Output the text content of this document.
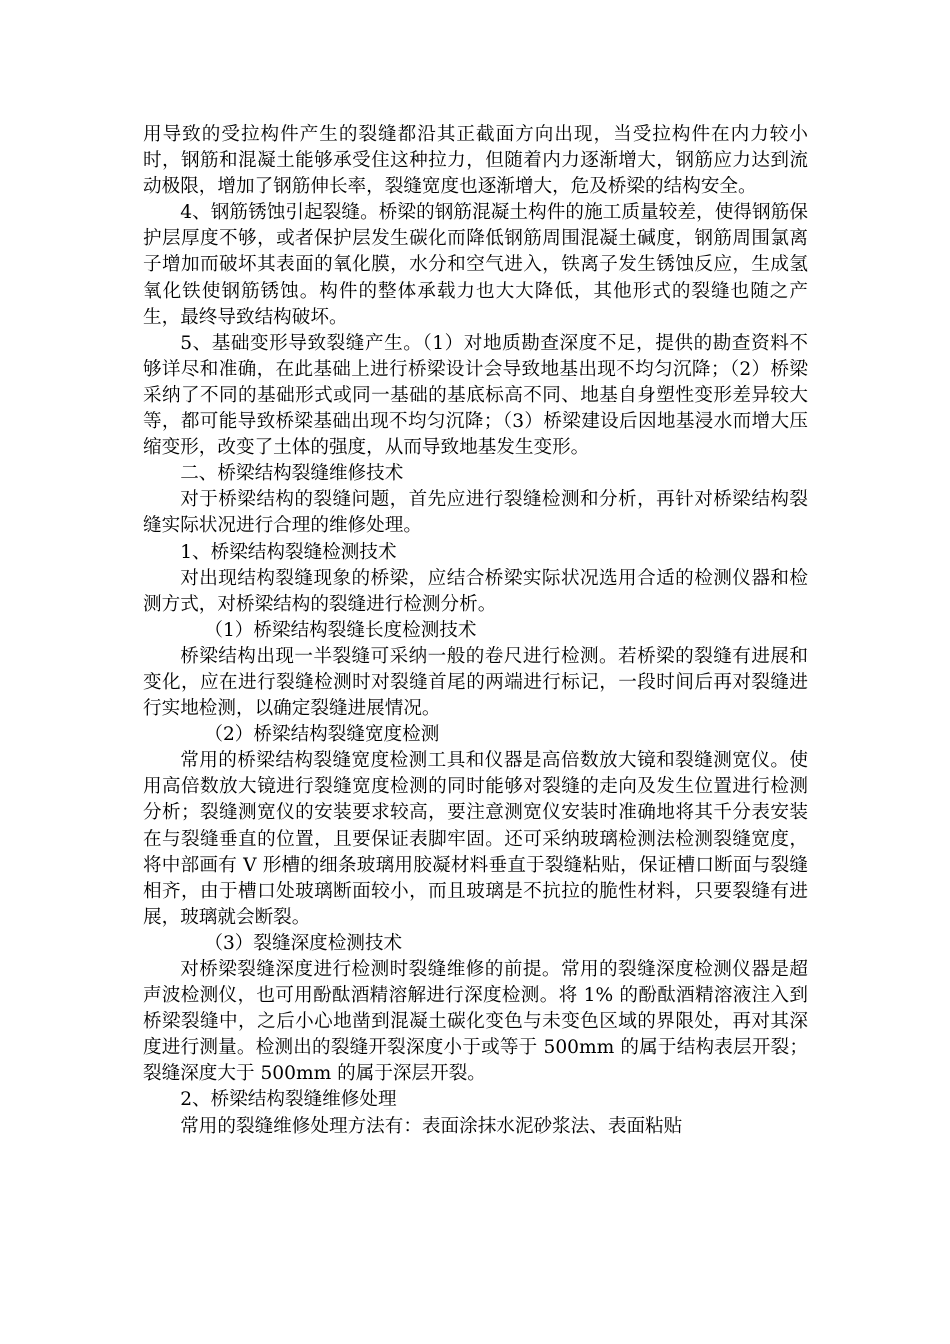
用导致的受拉构件产生的裂缝都沿其正截面方向出现，当受拉构件在内力较小时，钢筋和混凝土能够承受住这种拉力，但随着内力逐渐增大，钢筋应力达到流动极限，增加了钢筋伸长率，裂缝宽度也逐渐增大，危及桥梁的结构安全。

4、钢筋锈蚀引起裂缝。桥梁的钢筋混凝土构件的施工质量较差，使得钢筋保护层厚度不够，或者保护层发生碳化而降低钢筋周围混凝土碱度，钢筋周围氯离子增加而破坏其表面的氧化膜，水分和空气进入，铁离子发生锈蚀反应，生成氢氧化铁使钢筋锈蚀。构件的整体承载力也大大降低，其他形式的裂缝也随之产生，最终导致结构破坏。

5、基础变形导致裂缝产生。（1）对地质勘查深度不足，提供的勘查资料不够详尽和准确，在此基础上进行桥梁设计会导致地基出现不均匀沉降；（2）桥梁采纳了不同的基础形式或同一基础的基底标高不同、地基自身塑性变形差异较大等，都可能导致桥梁基础出现不均匀沉降；（3）桥梁建设后因地基浸水而增大压缩变形，改变了土体的强度，从而导致地基发生变形。

二、桥梁结构裂缝维修技术

对于桥梁结构的裂缝问题，首先应进行裂缝检测和分析，再针对桥梁结构裂缝实际状况进行合理的维修处理。

1、桥梁结构裂缝检测技术

对出现结构裂缝现象的桥梁，应结合桥梁实际状况选用合适的检测仪器和检测方式，对桥梁结构的裂缝进行检测分析。

（1）桥梁结构裂缝长度检测技术

桥梁结构出现一半裂缝可采纳一般的卷尺进行检测。若桥梁的裂缝有进展和变化，应在进行裂缝检测时对裂缝首尾的两端进行标记，一段时间后再对裂缝进行实地检测，以确定裂缝进展情况。

（2）桥梁结构裂缝宽度检测

常用的桥梁结构裂缝宽度检测工具和仪器是高倍数放大镜和裂缝测宽仪。使用高倍数放大镜进行裂缝宽度检测的同时能够对裂缝的走向及发生位置进行检测分析；裂缝测宽仪的安装要求较高，要注意测宽仪安装时准确地将其千分表安装在与裂缝垂直的位置，且要保证表脚牢固。还可采纳玻璃检测法检测裂缝宽度，将中部画有 V 形槽的细条玻璃用胶凝材料垂直于裂缝粘贴，保证槽口断面与裂缝相齐，由于槽口处玻璃断面较小，而且玻璃是不抗拉的脆性材料，只要裂缝有进展，玻璃就会断裂。

（3）裂缝深度检测技术

对桥梁裂缝深度进行检测时裂缝维修的前提。常用的裂缝深度检测仪器是超声波检测仪，也可用酚酞酒精溶解进行深度检测。将 1% 的酚酞酒精溶液注入到桥梁裂缝中，之后小心地凿到混凝土碳化变色与未变色区域的界限处，再对其深度进行测量。检测出的裂缝开裂深度小于或等于 500mm 的属于结构表层开裂；裂缝深度大于 500mm 的属于深层开裂。

2、桥梁结构裂缝维修处理

常用的裂缝维修处理方法有：表面涂抹水泥砂浆法、表面粘贴
